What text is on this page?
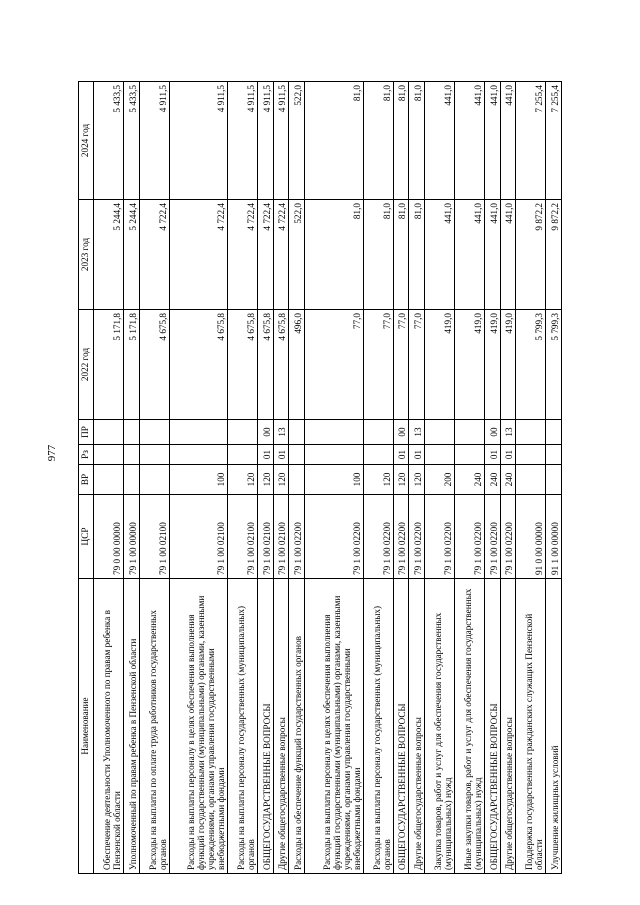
977
Наименование	ЦСР	ВР	Рз	ПР	2022 год	2023 год	2024 год
Обеспечение деятельности Уполномоченного по правам ребенка в Пензенской области	79 0 00 00000				5 171,8	5 244,4	5 433,5
Уполномоченный по правам ребенка в Пензенской области	79 1 00 00000				5 171,8	5 244,4	5 433,5
Расходы на выплаты по оплате труда работников государственных органов	79 1 00 02100				4 675,8	4 722,4	4 911,5
Расходы на выплаты персоналу в целях обеспечения выполнения функций государственными (муниципальными) органами, казенными учреждениями, органами управления государственными внебюджетными фондами	79 1 00 02100	100			4 675,8	4 722,4	4 911,5
Расходы на выплаты персоналу государственных (муниципальных) органов	79 1 00 02100	120			4 675,8	4 722,4	4 911,5
ОБЩЕГОСУДАРСТВЕННЫЕ ВОПРОСЫ	79 1 00 02100	120	01	00	4 675,8	4 722,4	4 911,5
Другие общегосударственные вопросы	79 1 00 02100	120	01	13	4 675,8	4 722,4	4 911,5
Расходы на обеспечение функций государственных органов	79 1 00 02200				496,0	522,0	522,0
Расходы на выплаты персоналу в целях обеспечения выполнения функций государственными (муниципальными) органами, казенными учреждениями, органами управления государственными внебюджетными фондами	79 1 00 02200	100			77,0	81,0	81,0
Расходы на выплаты персоналу государственных (муниципальных) органов	79 1 00 02200	120			77,0	81,0	81,0
ОБЩЕГОСУДАРСТВЕННЫЕ ВОПРОСЫ	79 1 00 02200	120	01	00	77,0	81,0	81,0
Другие общегосударственные вопросы	79 1 00 02200	120	01	13	77,0	81,0	81,0
Закупка товаров, работ и услуг для обеспечения государственных (муниципальных) нужд	79 1 00 02200	200			419,0	441,0	441,0
Иные закупки товаров, работ и услуг для обеспечения государственных (муниципальных) нужд	79 1 00 02200	240			419,0	441,0	441,0
ОБЩЕГОСУДАРСТВЕННЫЕ ВОПРОСЫ	79 1 00 02200	240	01	00	419,0	441,0	441,0
Другие общегосударственные вопросы	79 1 00 02200	240	01	13	419,0	441,0	441,0
Поддержка государственных гражданских служащих Пензенской области	91 0 00 00000				5 799,3	9 872,2	7 255,4
Улучшение жилищных условий	91 1 00 00000				5 799,3	9 872,2	7 255,4
